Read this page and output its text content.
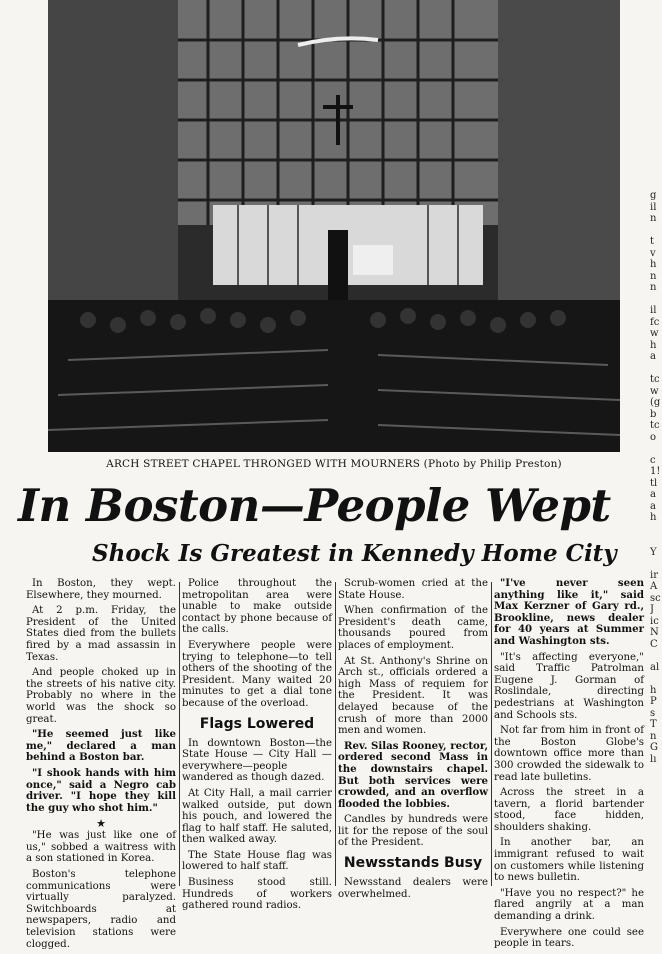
ARCH STREET CHAPEL THRONGED WITH MOURNERS (Photo by Philip Preston)
In Boston—People Wept
Shock Is Greatest in Kennedy Home City

In Boston, they wept. Elsewhere, they mourned.

At 2 p.m. Friday, the President of the United States died from the bullets fired by a mad assassin in Texas.

And people choked up in the streets of his native city. Probably no where in the world was the shock so great.

"He seemed just like me," declared a man behind a Boston bar.

"I shook hands with him once," said a Negro cab driver. "I hope they kill the guy who shot him."

★

"He was just like one of us," sobbed a waitress with a son stationed in Korea.

Boston's telephone communications were virtually paralyzed. Switchboards at newspapers, radio and television stations were clogged.

Police throughout the metropolitan area were unable to make outside contact by phone because of the calls.

Everywhere people were trying to telephone—to tell others of the shooting of the President. Many waited 20 minutes to get a dial tone because of the overload.

Flags Lowered

In downtown Boston—the State House — City Hall — everywhere—people wandered as though dazed.

At City Hall, a mail carrier walked outside, put down his pouch, and lowered the flag to half staff. He saluted, then walked away.

The State House flag was lowered to half staff.

Business stood still. Hundreds of workers gathered round radios.

Scrub-women cried at the State House.

When confirmation of the President's death came, thousands poured from places of employment.

At St. Anthony's Shrine on Arch st., officials ordered a high Mass of requiem for the President. It was delayed because of the crush of more than 2000 men and women.

Rev. Silas Rooney, rector, ordered second Mass in the downstairs chapel. But both services were crowded, and an overflow flooded the lobbies.

Candles by hundreds were lit for the repose of the soul of the President.

Newsstands Busy

Newsstand dealers were overwhelmed.

"I've never seen anything like it," said Max Kerzner of Gary rd., Brookline, news dealer for 40 years at Summer and Washington sts.

"It's affecting everyone," said Traffic Patrolman Eugene J. Gorman of Roslindale, directing pedestrians at Washington and Schools sts.

Not far from him in front of the Boston Globe's downtown office more than 300 crowded the sidewalk to read late bulletins.

Across the street in a tavern, a florid bartender stood, face hidden, shoulders shaking.

In another bar, an immigrant refused to wait on customers while listening to news bulletin.

"Have you no respect?" he flared angrily at a man demanding a drink.

Everywhere one could see people in tears.

g
il
n
t
v
h
n
n
il
fc
w
h
a
tc
w
(g
b
tc
o
c
1!
tl
a
a
h
Y
ir
A
sc
J
ic
N
C
al
h
P
s
T
n
G
lı
